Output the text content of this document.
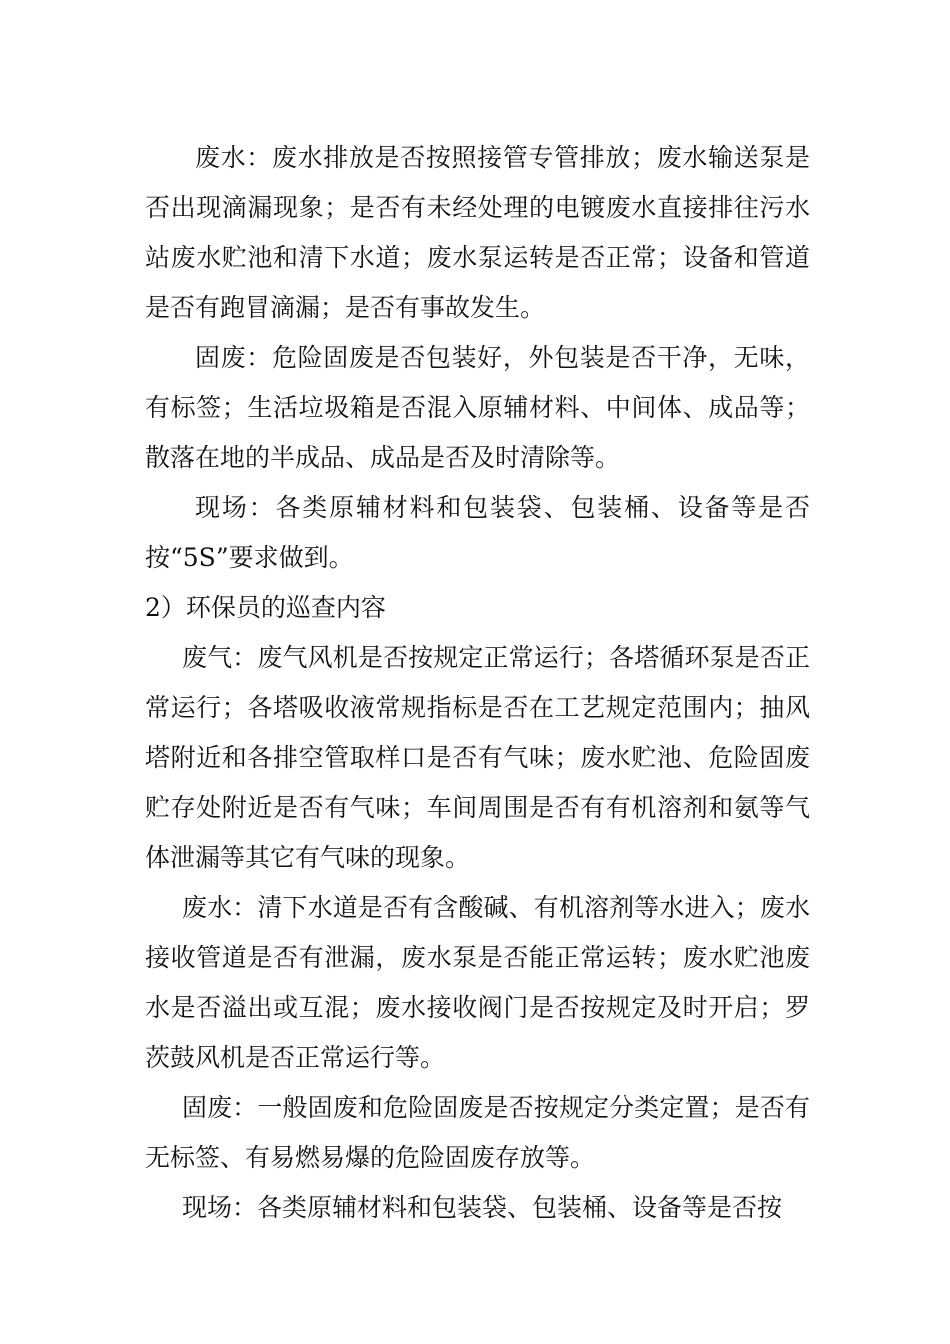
废水：废水排放是否按照接管专管排放；废水输送泵是否出现滴漏现象；是否有未经处理的电镀废水直接排往污水站废水贮池和清下水道；废水泵运转是否正常；设备和管道是否有跑冒滴漏；是否有事故发生。

固废：危险固废是否包装好，外包装是否干净，无味，有标签；生活垃圾箱是否混入原辅材料、中间体、成品等；散落在地的半成品、成品是否及时清除等。

现场：各类原辅材料和包装袋、包装桶、设备等是否按“5S”要求做到。

2）环保员的巡查内容

废气：废气风机是否按规定正常运行；各塔循环泵是否正常运行；各塔吸收液常规指标是否在工艺规定范围内；抽风塔附近和各排空管取样口是否有气味；废水贮池、危险固废贮存处附近是否有气味；车间周围是否有有机溶剂和氨等气体泄漏等其它有气味的现象。

废水：清下水道是否有含酸碱、有机溶剂等水进入；废水接收管道是否有泄漏，废水泵是否能正常运转；废水贮池废水是否溢出或互混；废水接收阀门是否按规定及时开启；罗茨鼓风机是否正常运行等。

固废：一般固废和危险固废是否按规定分类定置；是否有无标签、有易燃易爆的危险固废存放等。

现场：各类原辅材料和包装袋、包装桶、设备等是否按
